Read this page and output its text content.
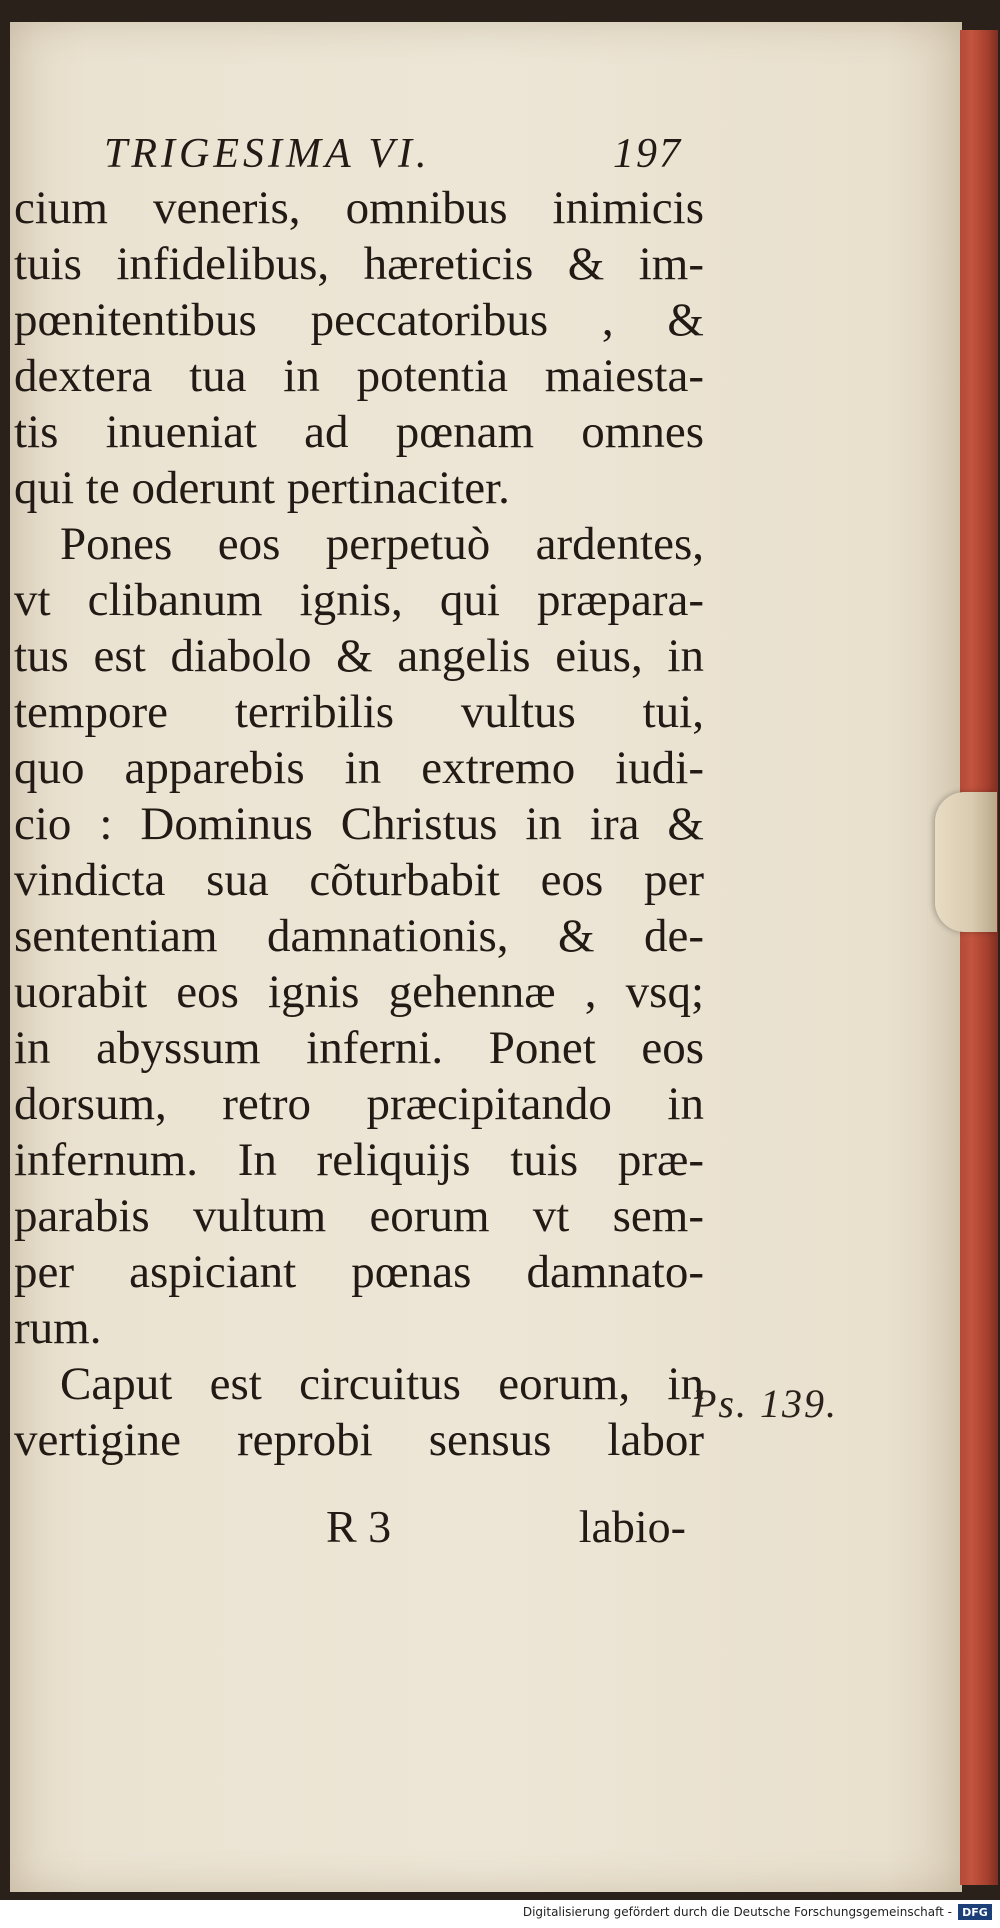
TRIGESIMA VI.	197
cium veneris, omnibus inimicis
tuis infidelibus, hæreticis & im-
pœnitentibus peccatoribus , &
dextera tua in potentia maiesta-
tis inueniat ad pœnam omnes
qui te oderunt pertinaciter.
Pones eos perpetuò ardentes,
vt clibanum ignis, qui præpara-
tus est diabolo & angelis eius, in
tempore terribilis vultus tui,
quo apparebis in extremo iudi-
cio : Dominus Christus in ira &
vindicta sua cõturbabit eos per
sententiam damnationis, & de-
uorabit eos ignis gehennæ , vsq;
in abyssum inferni. Ponet eos
dorsum, retro præcipitando in
infernum. In reliquijs tuis præ-
parabis vultum eorum vt sem-
per aspiciant pœnas damnato-
rum.
Caput est circuitus eorum, in
vertigine reprobi sensus labor
Ps. 139.
R 3	labio-
Digitalisierung gefördert durch die Deutsche Forschungsgemeinschaft - DFG
